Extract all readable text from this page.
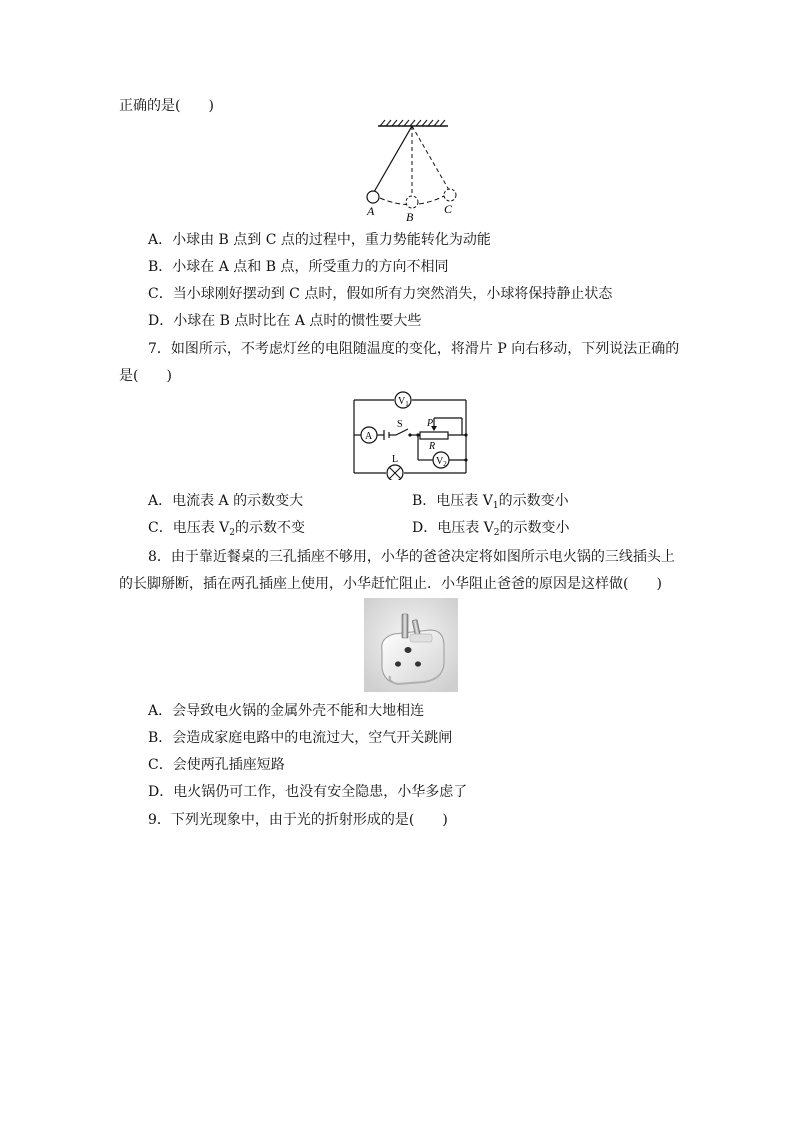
正确的是(　　)
A	B
C
A．小球由 B 点到 C 点的过程中，重力势能转化为动能
B．小球在 A 点和 B 点，所受重力的方向不相同
C．当小球刚好摆动到 C 点时，假如所有力突然消失，小球将保持静止状态
D．小球在 B 点时比在 A 点时的惯性要大些
7．如图所示，不考虑灯丝的电阻随温度的变化，将滑片 P 向右移动，下列说法正确的
是(　　)
$V_1$
A
$V_2$
S P
R
L
A．电流表 A 的示数变大	B．电压表 $V_1$的示数变小
C．电压表 $V_2$的示数不变	D．电压表 $V_2$的示数变小
8．由于靠近餐桌的三孔插座不够用，小华的爸爸决定将如图所示电火锅的三线插头上
的长脚掰断，插在两孔插座上使用，小华赶忙阻止．小华阻止爸爸的原因是这样做(　　)
A．会导致电火锅的金属外壳不能和大地相连
B．会造成家庭电路中的电流过大，空气开关跳闸
C．会使两孔插座短路
D．电火锅仍可工作，也没有安全隐患，小华多虑了
9．下列光现象中，由于光的折射形成的是(　　)
